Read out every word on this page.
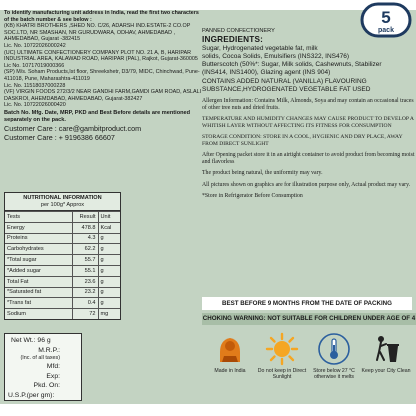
To identify manufacturing unit address in India, read the first two characters of the batch number & see below :

(KB) KHATRI BROTHERS ,SHED NO. C/26, ADARSH IND.ESTATE-2 CO.OP SOC.LTD, NR SMASHAN, NR GURUDWARA, ODHAV, AHMEDABAD , AHMEDABAD, Gujarat -382415

Lic. No. 10722026000242

(UC) ULTIMATE CONFECTIONERY COMPANY PLOT NO. 21 A, B, HARIPAR INDUSTRIAL AREA, KALAWAD ROAD, HARIPAR (PAL), Rajkot, Gujarat-360005 Lic No. 10717019000366

(SP) M/s. Soham Products,Ist floor, Shreekshetr, D3/79, MIDC, Chinchwad, Pune-411018, Pune, Maharashtra-411019

Lic. No. 11518037000228

(VF) VIRGIN FOODS 272/3/2 NEAR GANDHI FARM,GAMDI GAM ROAD, ASLALI DASKROI, AHEMDABAD, AHMEDABAD, Gujarat-382427

Lic. No. 10722026000420

Batch No. Mfg. Date, MRP, PKD and Best Before details are mentioned separately on the pack.

Customer Care : care@gambitproduct.com

Customer Care : + 9196386 66607

NUTRITIONAL INFORMATION
per 100g* Approx
Tests	Result	Unit
Energy	478.8	Kcal
Proteins	4.3	g
Carbohydrates	62.2	g
*Total sugar	55.7	g
*Added sugar	55.1	g
Total Fat	23.6	g
*Saturated fat	23.2	g
*Trans fat	0.4	g
Sodium	72	mg
Net Wt.: 96 g
M.R.P.:
(Inc. of all taxes)
Mfd:
Exp:
Pkd. On:
U.S.P.(per gm):

PANNED CONFECTIONERY

INGREDIENTS:

Sugar, Hydrogenated vegetable fat, milk

solids, Cocoa Solids, Emulsifiers (INS322, INS476)

Butterscotch (50%*: Sugar, Milk solids, Cashewnuts, Stabilizer

(INS414, INS1400), Glazing agent (INS 904)

CONTAINS ADDED NATURAL (VANILLA) FLAVOURING

SUBSTANCE,HYDROGENATED VEGETABLE FAT USED

Allergen Information: Contains Milk, Almonds, Soya and may contain an occasional traces of other tree nuts and dried fruits.

TEMPERATURE AND HUMIDITY CHANGES MAY CAUSE PRODUCT TO DEVELOP A WHITISH LAYER WITHOUT AFFECTING ITS FITNESS FOR CONSUMPTION

STORAGE CONDITION: STORE IN A COOL, HYGIENIC AND DRY PLACE, AWAY FROM DIRECT SUNLIGHT

After Opening packet store it in an airtight container to avoid product from becoming moist and flavorless

The product being natural, the uniformity may vary.

All pictures shown on graphics are for illustration purpose only, Actual product may vary.

*Store in Refrigerator Before Consumption

BEST BEFORE 9 MONTHS FROM THE DATE OF PACKING
CHOKING WARNING: NOT SUITABLE FOR CHILDREN UNDER AGE OF 4
Made in India	Do not keep in Direct Sunlight
Store below 27 °C otherwise it melts
Keep your City Clean
5
pack
